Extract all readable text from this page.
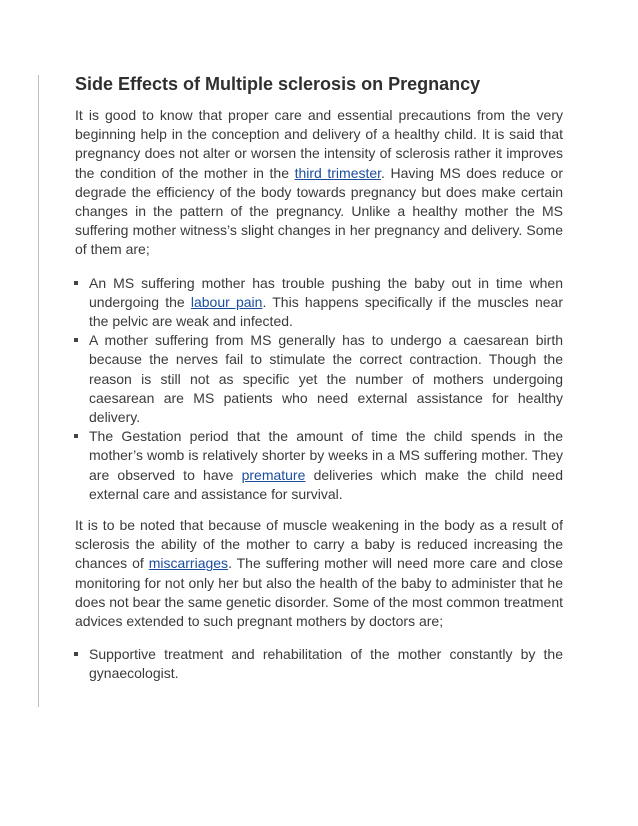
Side Effects of Multiple sclerosis on Pregnancy

It is good to know that proper care and essential precautions from the very beginning help in the conception and delivery of a healthy child. It is said that pregnancy does not alter or worsen the intensity of sclerosis rather it improves the condition of the mother in the third trimester. Having MS does reduce or degrade the efficiency of the body towards pregnancy but does make certain changes in the pattern of the pregnancy. Unlike a healthy mother the MS suffering mother witness’s slight changes in her pregnancy and delivery. Some of them are;

An MS suffering mother has trouble pushing the baby out in time when undergoing the labour pain. This happens specifically if the muscles near the pelvic are weak and infected.
A mother suffering from MS generally has to undergo a caesarean birth because the nerves fail to stimulate the correct contraction. Though the reason is still not as specific yet the number of mothers undergoing caesarean are MS patients who need external assistance for healthy delivery.
The Gestation period that the amount of time the child spends in the mother’s womb is relatively shorter by weeks in a MS suffering mother. They are observed to have premature deliveries which make the child need external care and assistance for survival.

It is to be noted that because of muscle weakening in the body as a result of sclerosis the ability of the mother to carry a baby is reduced increasing the chances of miscarriages. The suffering mother will need more care and close monitoring for not only her but also the health of the baby to administer that he does not bear the same genetic disorder. Some of the most common treatment advices extended to such pregnant mothers by doctors are;

Supportive treatment and rehabilitation of the mother constantly by the gynaecologist.
